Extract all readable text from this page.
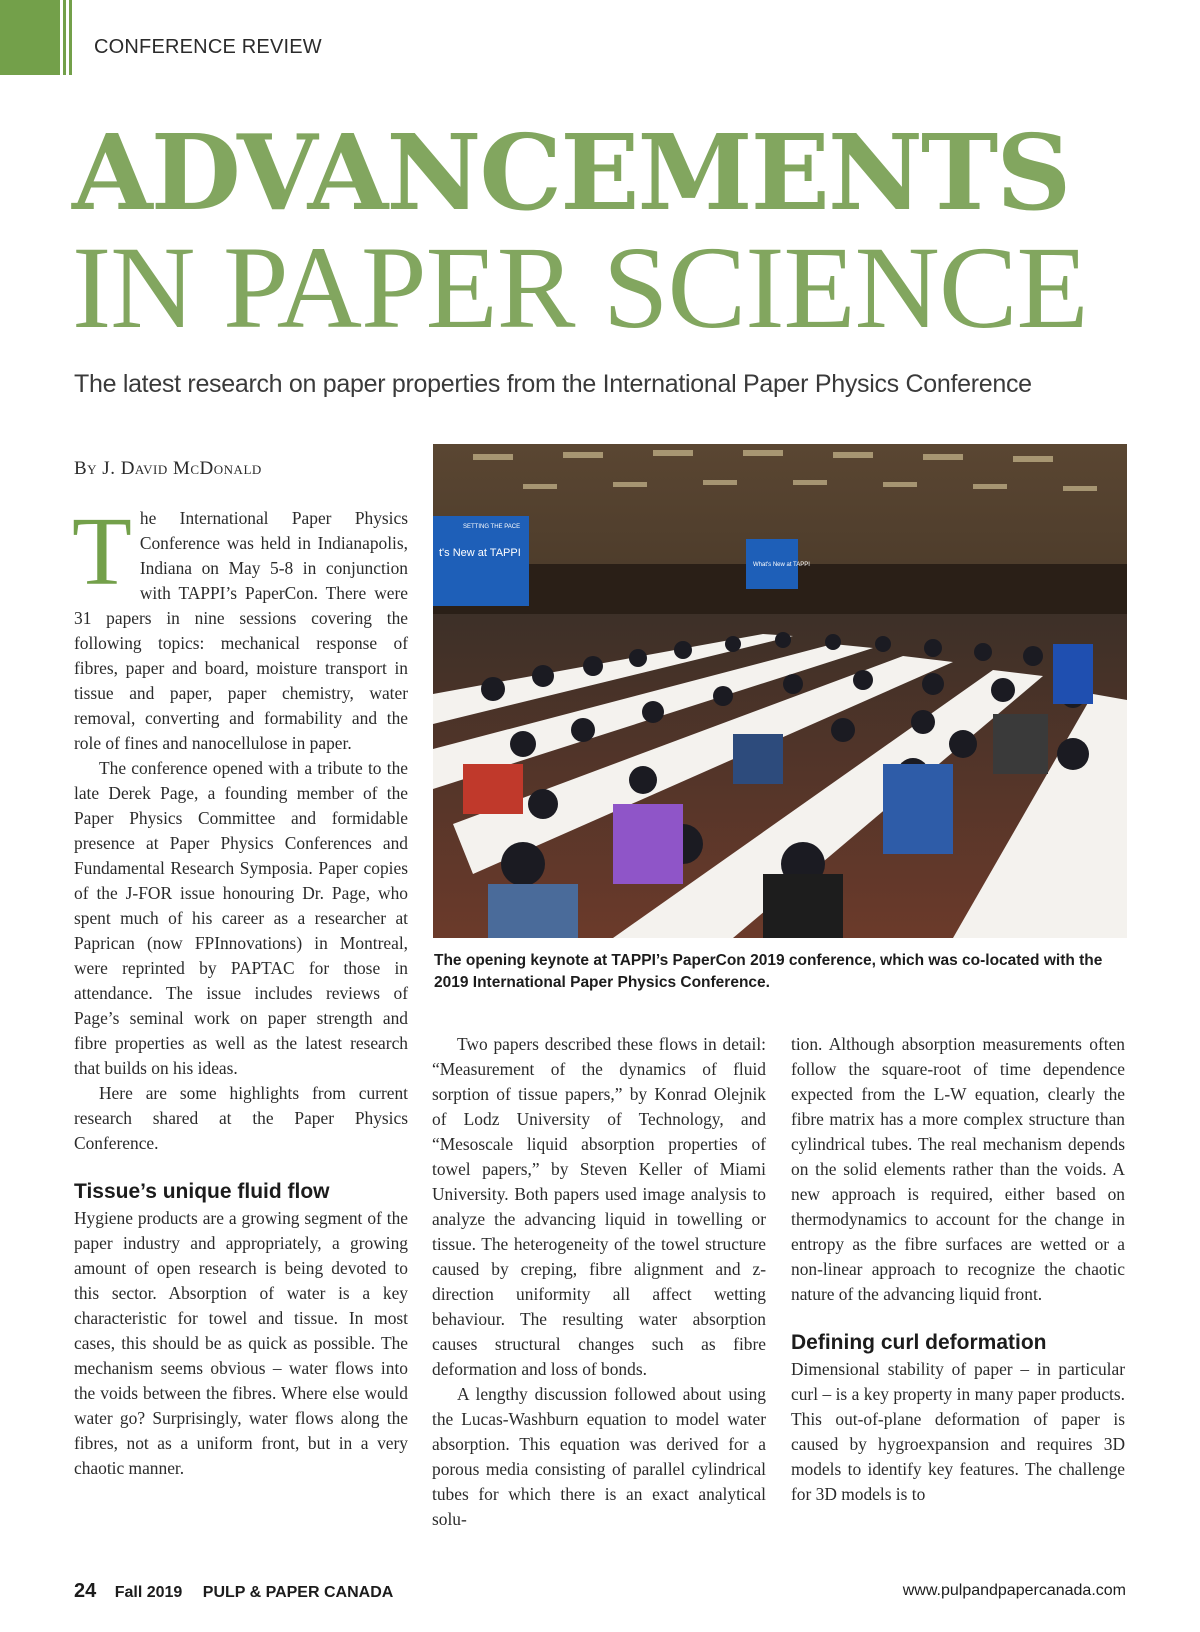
CONFERENCE REVIEW
ADVANCEMENTS
IN PAPER SCIENCE
The latest research on paper properties from the International Paper Physics Conference
By J. David McDonald

The International Paper Physics Conference was held in Indianapolis, Indiana on May 5-8 in conjunction with TAPPI’s PaperCon. There were 31 papers in nine sessions covering the following topics: mechanical response of fibres, paper and board, moisture transport in tissue and paper, paper chemistry, water removal, converting and formability and the role of fines and nanocellulose in paper.

The conference opened with a tribute to the late Derek Page, a founding member of the Paper Physics Committee and formidable presence at Paper Physics Conferences and Fundamental Research Symposia. Paper copies of the J-FOR issue honouring Dr. Page, who spent much of his career as a researcher at Paprican (now FPInnovations) in Montreal, were reprinted by PAPTAC for those in attendance. The issue includes reviews of Page’s seminal work on paper strength and fibre properties as well as the latest research that builds on his ideas.

Here are some highlights from current research shared at the Paper Physics Conference.

Tissue’s unique fluid flow

Hygiene products are a growing segment of the paper industry and appropriately, a growing amount of open research is being devoted to this sector. Absorption of water is a key characteristic for towel and tissue. In most cases, this should be as quick as possible. The mechanism seems obvious – water flows into the voids between the fibres. Where else would water go? Surprisingly, water flows along the fibres, not as a uniform front, but in a very chaotic manner.

t's New at TAPPI
SETTING THE PACE
What's New at TAPPI
The opening keynote at TAPPI’s PaperCon 2019 conference, which was co-located with the 2019 International Paper Physics Conference.

Two papers described these flows in detail: “Measurement of the dynamics of fluid sorption of tissue papers,” by Konrad Olejnik of Lodz University of Technology, and “Mesoscale liquid absorption properties of towel papers,” by Steven Keller of Miami University. Both papers used image analysis to analyze the advancing liquid in towelling or tissue. The heterogeneity of the towel structure caused by creping, fibre alignment and z-direction uniformity all affect wetting behaviour. The resulting water absorption causes structural changes such as fibre deformation and loss of bonds.

A lengthy discussion followed about using the Lucas-Washburn equation to model water absorption. This equation was derived for a porous media consisting of parallel cylindrical tubes for which there is an exact analytical solu-

tion. Although absorption measurements often follow the square-root of time dependence expected from the L-W equation, clearly the fibre matrix has a more complex structure than cylindrical tubes. The real mechanism depends on the solid elements rather than the voids. A new approach is required, either based on thermodynamics to account for the change in entropy as the fibre surfaces are wetted or a non-linear approach to recognize the chaotic nature of the advancing liquid front.

Defining curl deformation

Dimensional stability of paper – in particular curl – is a key property in many paper products. This out-of-plane deformation of paper is caused by hygroexpansion and requires 3D models to identify key features. The challenge for 3D models is to

24 Fall 2019 PULP & PAPER CANADA	www.pulpandpapercanada.com
